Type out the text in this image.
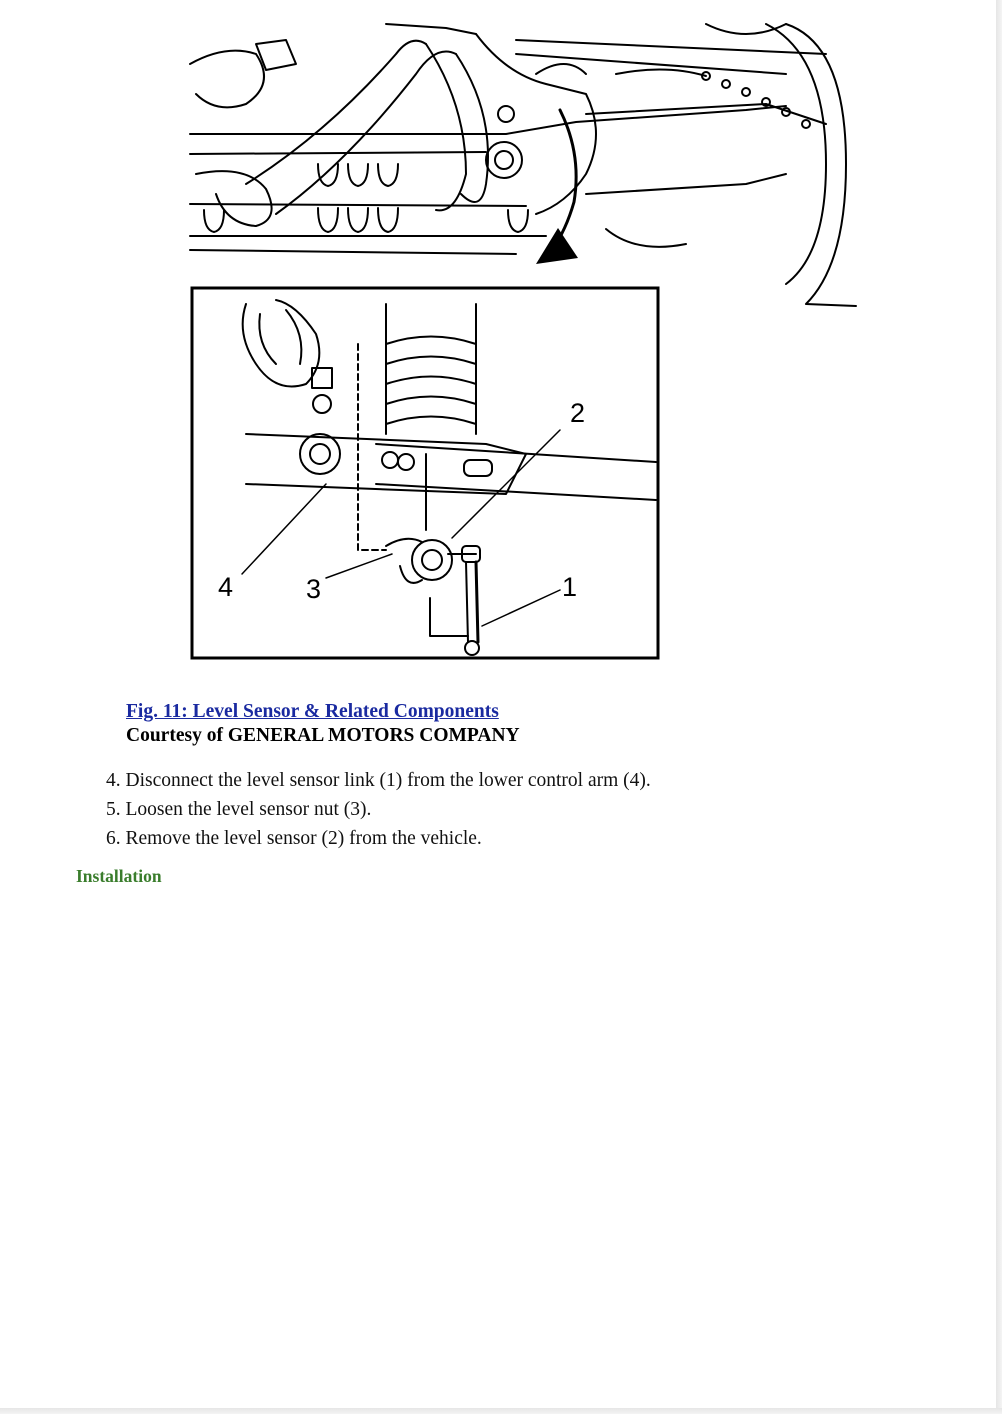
2
1
3
4
Fig. 11: Level Sensor & Related Components
Courtesy of GENERAL MOTORS COMPANY
4. Disconnect the level sensor link (1) from the lower control arm (4).
5. Loosen the level sensor nut (3).
6. Remove the level sensor (2) from the vehicle.
Installation
